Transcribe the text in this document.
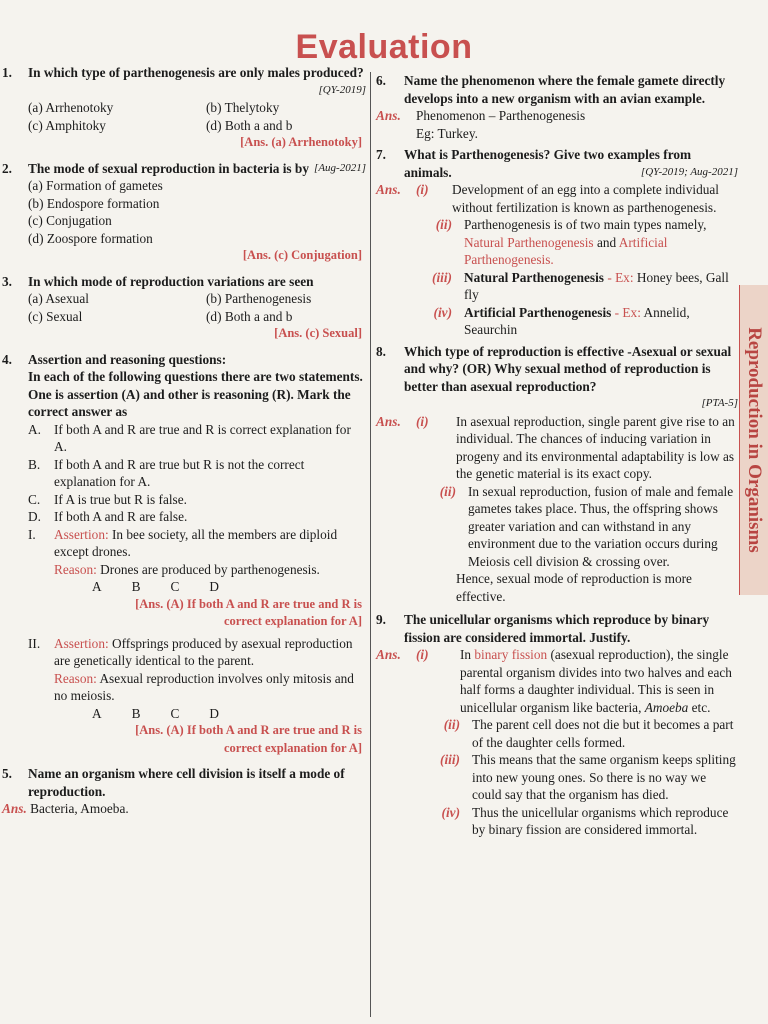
Evaluation
Reproduction in Organisms
1.	In which type of parthenogenesis are only males produced?

[QY-2019]
(a) Arrhenotoky	(b) Thelytoky
(c) Amphitoky	(d) Both a and b
[Ans. (a) Arrhenotoky]
2.	The mode of sexual reproduction in bacteria is by [Aug-2021]
(a) Formation of gametes
(b) Endospore formation
(c) Conjugation
(d) Zoospore formation
[Ans. (c) Conjugation]
3.	In which mode of reproduction variations are seen
(a) Asexual	(b) Parthenogenesis
(c) Sexual	(d) Both a and b
[Ans. (c) Sexual]
4.	Assertion and reasoning questions:
In each of the following questions there are two statements. One is assertion (A) and other is reasoning (R). Mark the correct answer as
A. If both A and R are true and R is correct explanation for A.
B.	If both A and R are true but R is not the correct explanation for A.
C.	If A is true but R is false.
D. If both A and R are false.
I.	Assertion: In bee society, all the members are diploid except drones.
Reason: Drones are produced by parthenogenesis.
A B C D
[Ans. (A) If both A and R are true and R is correct explanation for A]
II.	Assertion: Offsprings produced by asexual reproduction are genetically identical to the parent.
Reason: Asexual reproduction involves only mitosis and no meiosis.
A B C D
[Ans. (A) If both A and R are true and R is correct explanation for A]
5.	Name an organism where cell division is itself a mode of reproduction.
Ans. Bacteria, Amoeba.
6.	Name the phenomenon where the female gamete directly develops into a new organism with an avian example.
Ans.	Phenomenon – Parthenogenesis
Eg: Turkey.
7.	What is Parthenogenesis? Give two examples from animals.	[QY-2019; Aug-2021]
Ans.	(i)	Development of an egg into a complete individual without fertilization is known as parthenogenesis.
(ii) Parthenogenesis is of two main types namely, Natural Parthenogenesis and Artificial Parthenogenesis.
(iii) Natural Parthenogenesis - Ex: Honey bees, Gall fly
(iv) Artificial Parthenogenesis - Ex: Annelid, Seaurchin
8.	Which type of reproduction is effective -Asexual or sexual and why? (OR) Why sexual method of reproduction is better than asexual reproduction?

[PTA-5]
Ans.	(i)	In asexual reproduction, single parent give rise to an individual. The chances of inducing variation in progeny and its environmental adaptability is low as the genetic material is its exact copy.
(ii) In sexual reproduction, fusion of male and female gametes takes place. Thus, the offspring shows greater variation and can withstand in any environment due to the variation occurs during Meiosis cell division & crossing over.
Hence, sexual mode of reproduction is more effective.
9.	The unicellular organisms which reproduce by binary fission are considered immortal. Justify.
Ans.	(i)	In binary fission (asexual reproduction), the single parental organism divides into two halves and each half forms a daughter individual. This is seen in unicellular organism like bacteria, Amoeba etc.
(ii) The parent cell does not die but it becomes a part of the daughter cells formed.
(iii) This means that the same organism keeps spliting into new young ones. So there is no way we could say that the organism has died.
(iv) Thus the unicellular organisms which reproduce by binary fission are considered immortal.
